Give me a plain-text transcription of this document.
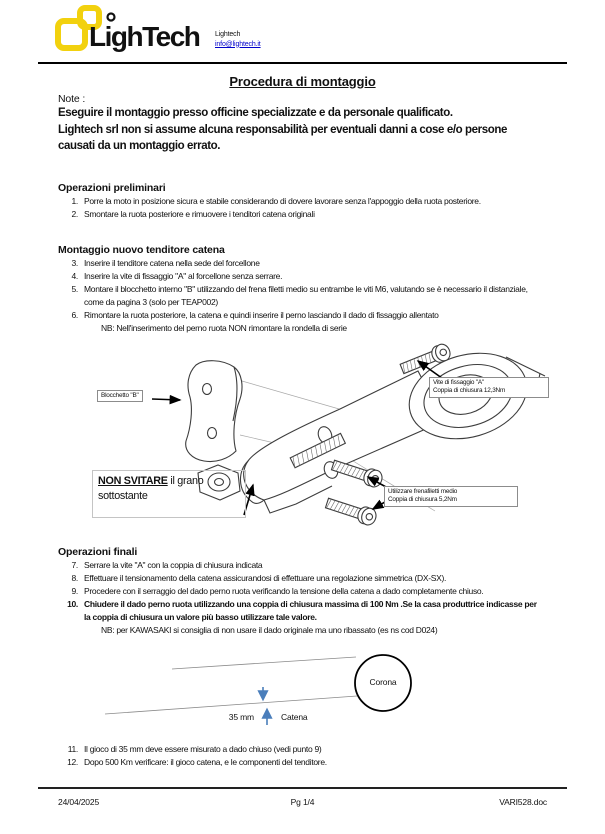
LighTech Lightech
info@lightech.it
Procedura di montaggio
Note :
Eseguire il montaggio presso officine specializzate e da personale qualificato.
Lightech srl non si assume alcuna responsabilità per eventuali danni a cose e/o persone
causati da un montaggio errato.
Operazioni preliminari
1. Porre la moto in posizione sicura e stabile considerando di dovere lavorare senza l'appoggio della ruota posteriore.
2. Smontare la ruota posteriore e rimuovere i tenditori catena originali
Montaggio nuovo tenditore catena
3. Inserire il tenditore catena nella sede del forcellone
4. Inserire la vite di fissaggio "A" al forcellone senza serrare.
5. Montare il blocchetto interno "B" utilizzando del frena filetti medio su entrambe le viti M6, valutando se è necessario il distanziale, come da pagina 3 (solo per TEAP002)
6. Rimontare la ruota posteriore, la catena e quindi inserire il perno lasciando il dado di fissaggio allentato
NB: Nell'inserimento del perno ruota NON rimontare la rondella di serie
Blocchetto "B"
Vite di fissaggio "A"
Coppia di chiusura 12,3Nm
NON SVITARE il grano
sottostante	Utilizzare frenafiletti medio
Coppia di chiusura 5,2Nm
Operazioni finali
7. Serrare la vite "A" con la coppia di chiusura indicata
8. Effettuare il tensionamento della catena assicurandosi di effettuare una regolazione simmetrica (DX-SX).
9. Procedere con il serraggio del dado perno ruota verificando la tensione della catena a dado completamente chiuso.
10. Chiudere il dado perno ruota utilizzando una coppia di chiusura massima di 100 Nm .Se la casa produttrice indicasse per la coppia di chiusura un valore più basso utilizzare tale valore.
NB: per KAWASAKI si consiglia di non usare il dado originale ma uno ribassato (es ns cod D024)
Corona
35 mm	Catena
11. Il gioco di 35 mm deve essere misurato a dado chiuso (vedi punto 9)
12. Dopo 500 Km verificare: il gioco catena, e le componenti del tenditore.
24/04/2025	Pg 1/4	VARI528.doc
